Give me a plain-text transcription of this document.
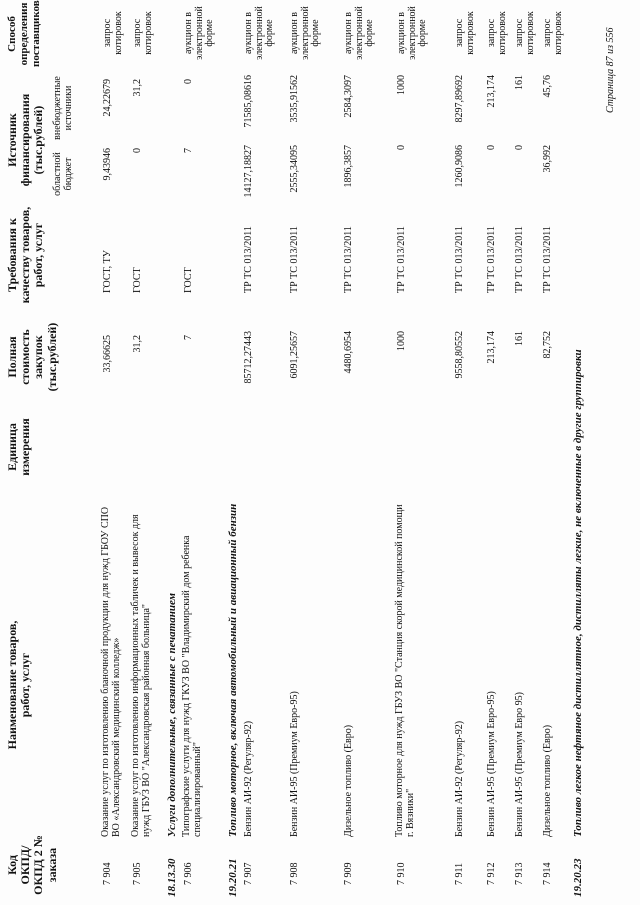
Код ОКПД/ ОКПД 2 № заказа
Наименование товаров, работ, услуг
Единица измерения
Полная стоимость закупок (тыс.рублей)
Требования к качеству товаров, работ, услуг
Источник финансирования (тыс.рублей) областной бюджет
внебюджетные источники
Способ определения поставщиков
7 904
Оказание услуг по изготовлению бланочной продукции для нужд ГБОУ СПО ВО «Александровский медицинский колледж»
33,66625
ГОСТ, ТУ
9,43946
24,22679
запрос котировок
7 905
Оказание услуг по изготовлению информационных табличек и вывесок для нужд ГБУЗ ВО "Александровская районная больница"
31,2
ГОСТ
0
31,2
запрос котировок
18.13.30
Услуги дополнительные, связанные с печатанием
7 906
Типографские услуги для нужд ГКУЗ ВО "Владимирский дом ребенка специализированный"
7
ГОСТ
7
0
аукцион в электронной форме
19.20.21
Топливо моторное, включая автомобильный и авиационный бензин
7 907
Бензин АИ-92 (Регуляр-92)
85712,27443
ТР ТС 013/2011
14127,18827
71585,08616
аукцион в электронной форме
7 908
Бензин АИ-95 (Премиум Евро-95)
6091,25657
ТР ТС 013/2011
2555,34095
3535,91562
аукцион в электронной форме
7 909
Дизельное топливо (Евро)
4480,6954
ТР ТС 013/2011
1896,3857
2584,3097
аукцион в электронной форме
7 910
Топливо моторное для нужд ГБУЗ ВО "Станция скорой медицинской помощи г. Вязники"
1000
ТР ТС 013/2011
0
1000
аукцион в электронной форме
7 911
Бензин АИ-92 (Регуляр-92)
9558,80552
ТР ТС 013/2011
1260,9086
8297,89692
запрос котировок
7 912
Бензин АИ-95 (Премиум Евро-95)
213,174
ТР ТС 013/2011
0
213,174
запрос котировок
7 913
Бензин АИ-95 (Премиум Евро 95)
161
ТР ТС 013/2011
0
161
запрос котировок
7 914
Дизельное топливо (Евро)
82,752
ТР ТС 013/2011
36,992
45,76
запрос котировок
19.20.23
Топливо легкое нефтяное дистиллятное, дистилляты легкие, не включенные в другие группировки
Страница 87 из 556
